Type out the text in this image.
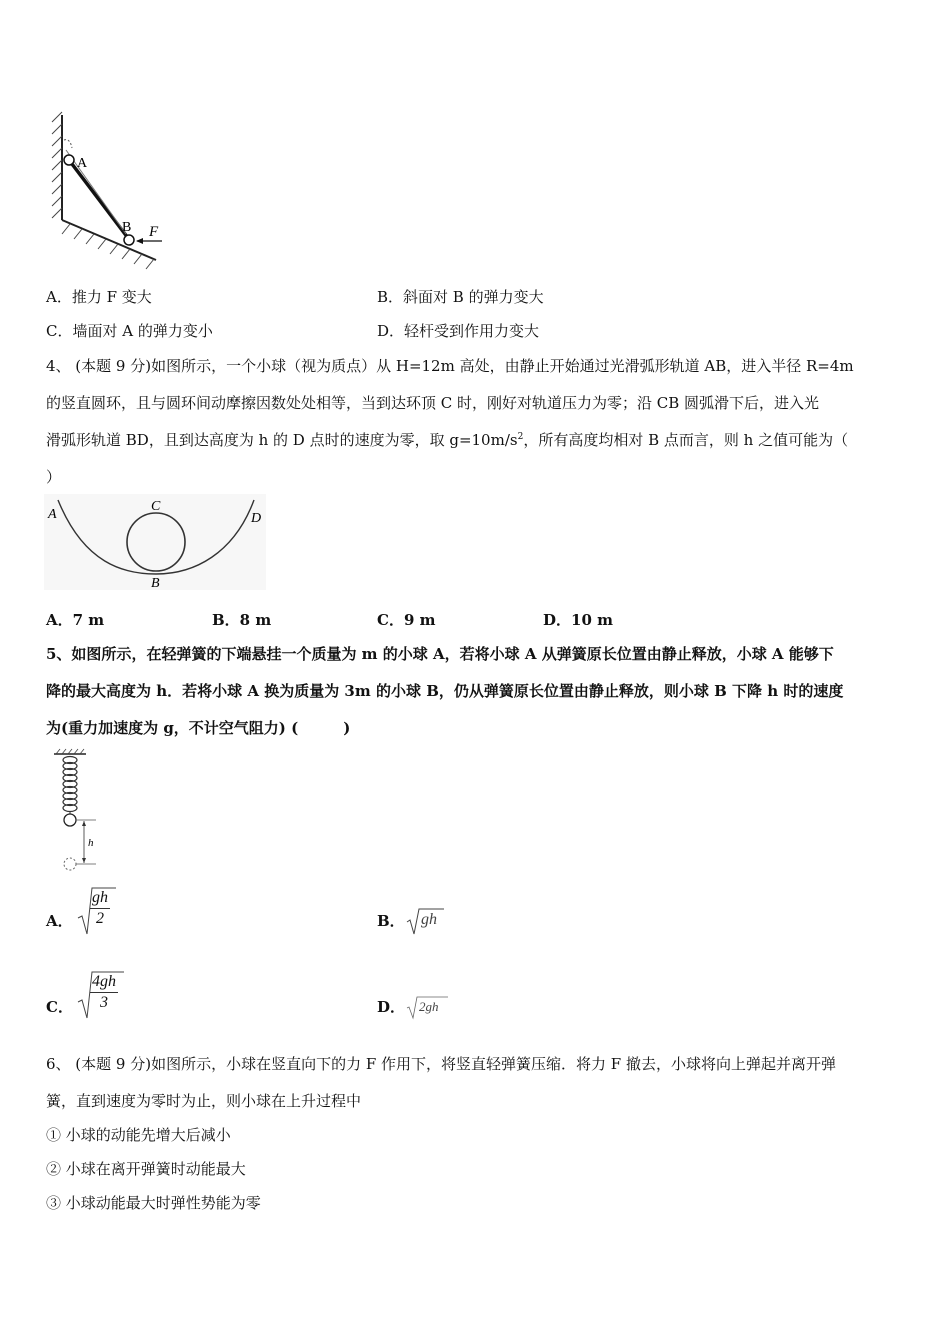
A
B F
A．推力 F 变大	B．斜面对 B 的弹力变大
C．墙面对 A 的弹力变小	D．轻杆受到作用力变大
4、 (本题 9 分)如图所示，一个小球（视为质点）从 H=12m 高处，由静止开始通过光滑弧形轨道 AB，进入半径 R=4m
的竖直圆环，且与圆环间动摩擦因数处处相等，当到达环顶 C 时，刚好对轨道压力为零；沿 CB 圆弧滑下后，进入光
滑弧形轨道 BD，且到达高度为 h 的 D 点时的速度为零，取 $g=10m/s^2$，所有高度均相对 B 点而言，则 h 之值可能为（
）
A
C
D
B
A．7 m	B．8 m	C．9 m	D．10 m
5、如图所示，在轻弹簧的下端悬挂一个质量为 m 的小球 A，若将小球 A 从弹簧原长位置由静止释放，小球 A 能够下
降的最大高度为 h．若将小球 A 换为质量为 3m 的小球 B，仍从弹簧原长位置由静止释放，则小球 B 下降 h 时的速度
为(重力加速度为 g，不计空气阻力) (　　　)
h
A． $\frac{gh}{2}$	B． gh
C． $\frac{4gh}{3}$	D． 2gh
6、 (本题 9 分)如图所示，小球在竖直向下的力 F 作用下，将竖直轻弹簧压缩．将力 F 撤去，小球将向上弹起并离开弹
簧，直到速度为零时为止，则小球在上升过程中
① 小球的动能先增大后减小
② 小球在离开弹簧时动能最大
③ 小球动能最大时弹性势能为零
